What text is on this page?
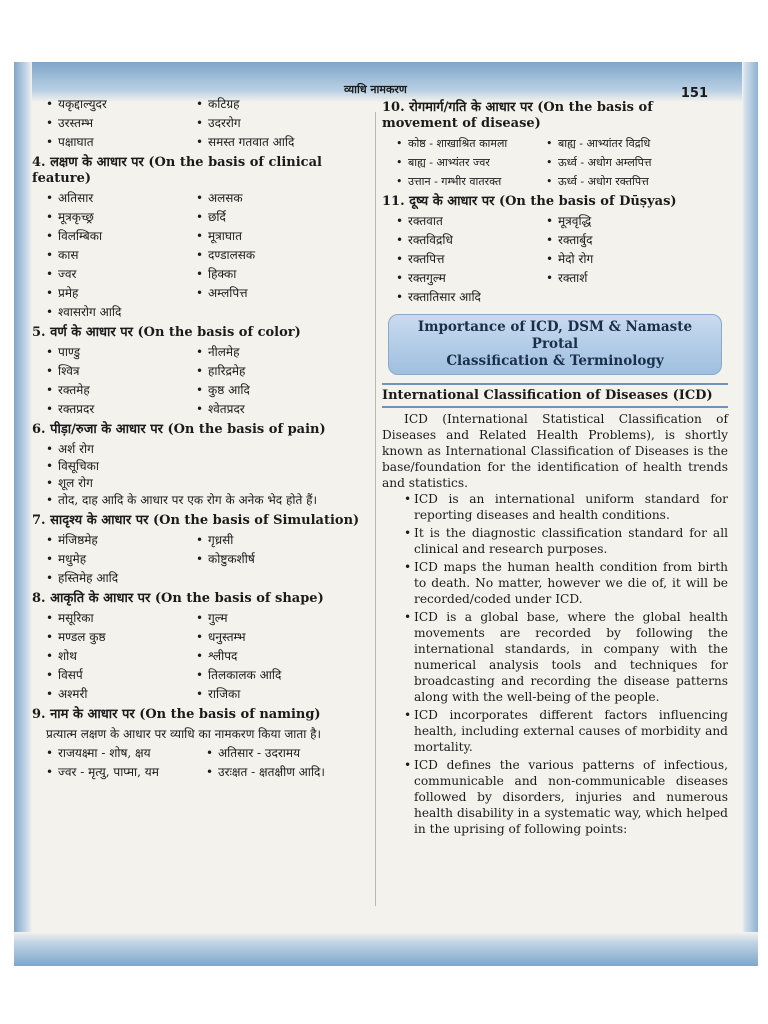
व्याधि नामकरण	151
• यकृद्दाल्युदर	• कटिग्रह
• उरस्तम्भ	• उदररोग
• पक्षाघात	• समस्त गतवात आदि
4. लक्षण के आधार पर (On the basis of clinical feature)
• अतिसार	• अलसक
• मूत्रकृच्छ्र	• छर्दि
• विलम्बिका	• मूत्राघात
• कास	• दण्डालसक
• ज्वर	• हिक्का
• प्रमेह	• अम्लपित्त
• श्वासरोग आदि
5. वर्ण के आधार पर (On the basis of color)
• पाण्डु	• नीलमेह
• श्वित्र	• हारिद्रमेह
• रक्तमेह	• कुष्ठ आदि
• रक्तप्रदर	• श्वेतप्रदर
6. पीड़ा/रुजा के आधार पर (On the basis of pain)
• अर्श रोग
• विसूचिका
• शूल रोग
• तोद, दाह आदि के आधार पर एक रोग के अनेक भेद होते हैं।
7. सादृश्य के आधार पर (On the basis of Simulation)
• मंजिष्ठमेह	• गृध्रसी
• मधुमेह	• कोष्टुकशीर्ष
• हस्तिमेह आदि
8. आकृति के आधार पर (On the basis of shape)
• मसूरिका	• गुल्म
• मण्डल कुष्ठ	• धनुस्तम्भ
• शोथ	• श्लीपद
• विसर्प	• तिलकालक आदि
• अश्मरी	• राजिका
9. नाम के आधार पर (On the basis of naming)
प्रत्यात्म लक्षण के आधार पर व्याधि का नामकरण किया जाता है।
• राजयक्ष्मा - शोष, क्षय	• अतिसार - उदरामय
• ज्वर - मृत्यु, पाप्मा, यम	• उरःक्षत - क्षतक्षीण आदि।
10. रोगमार्ग/गति के आधार पर (On the basis of movement of disease)
• कोष्ठ - शाखाश्रित कामला	• बाह्य - आभ्यांतर विद्रधि
• बाह्य - आभ्यंतर ज्वर	• ऊर्ध्व - अधोग अम्लपित्त
• उत्तान - गम्भीर वातरक्त	• ऊर्ध्व - अधोग रक्तपित्त
11. दूष्य के आधार पर (On the basis of Dūṣyas)
• रक्तवात	• मूत्रवृद्धि
• रक्तविद्रधि	• रक्तार्बुद
• रक्तपित्त	• मेदो रोग
• रक्तगुल्म	• रक्तार्श
• रक्तातिसार आदि
Importance of ICD, DSM & Namaste
Protal
Classification & Terminology
International Classification of Diseases (ICD)
ICD (International Statistical Classification of Diseases and Related Health Problems), is shortly known as International Classification of Diseases is the base/foundation for the identification of health trends and statistics.
• ICD is an international uniform standard for reporting diseases and health conditions.
• It is the diagnostic classification standard for all clinical and research purposes.
• ICD maps the human health condition from birth to death. No matter, however we die of, it will be recorded/coded under ICD.
• ICD is a global base, where the global health movements are recorded by following the international standards, in company with the numerical analysis tools and techniques for broadcasting and recording the disease patterns along with the well-being of the people.
• ICD incorporates different factors influencing health, including external causes of morbidity and mortality.
• ICD defines the various patterns of infectious, communicable and non-communicable diseases followed by disorders, injuries and numerous health disability in a systematic way, which helped in the uprising of following points:
